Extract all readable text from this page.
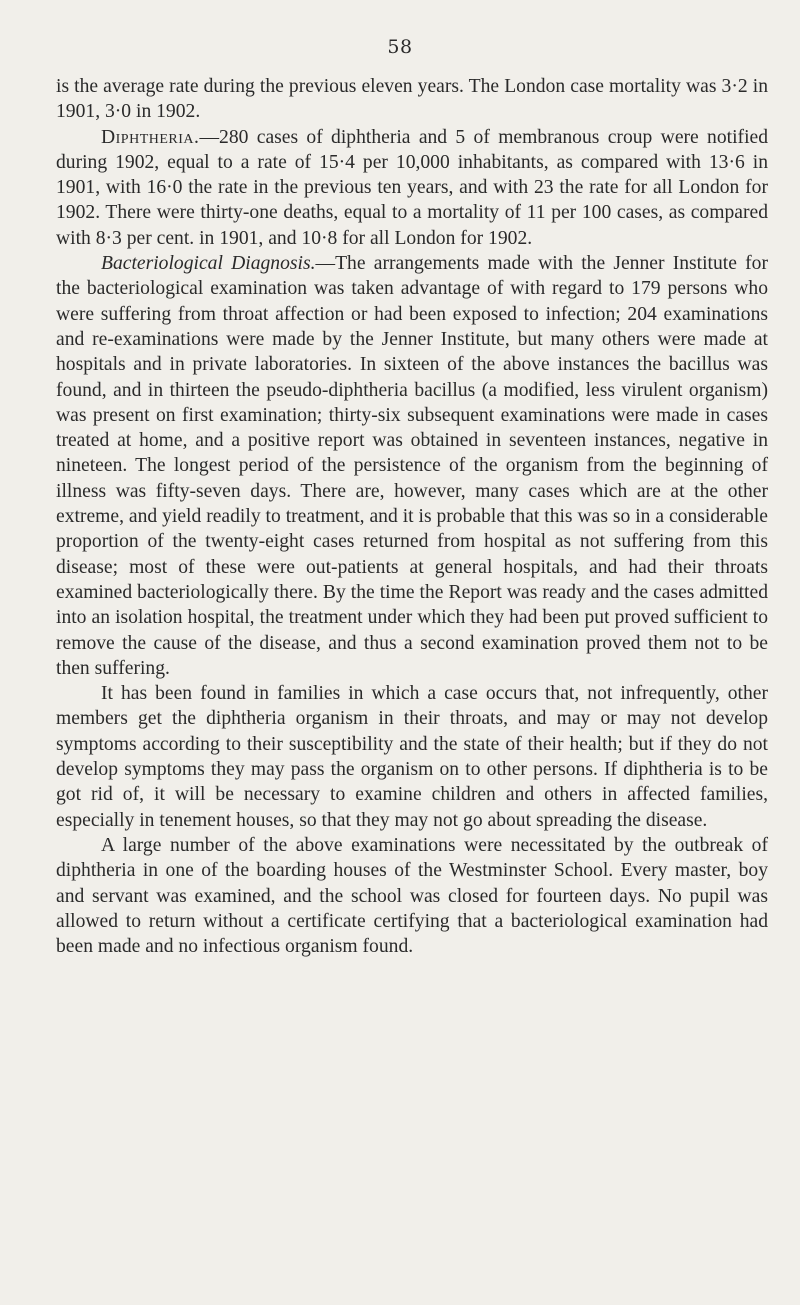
58

is the average rate during the previous eleven years. The London case mortality was 3·2 in 1901, 3·0 in 1902.

Diphtheria.—280 cases of diphtheria and 5 of membranous croup were notified during 1902, equal to a rate of 15·4 per 10,000 inhabitants, as compared with 13·6 in 1901, with 16·0 the rate in the previous ten years, and with 23 the rate for all London for 1902. There were thirty-one deaths, equal to a mortality of 11 per 100 cases, as compared with 8·3 per cent. in 1901, and 10·8 for all London for 1902.

Bacteriological Diagnosis.—The arrangements made with the Jenner Institute for the bacteriological examination was taken advantage of with regard to 179 persons who were suffering from throat affection or had been exposed to infection; 204 examinations and re-examinations were made by the Jenner Institute, but many others were made at hospitals and in private laboratories. In sixteen of the above instances the bacillus was found, and in thirteen the pseudo-diphtheria bacillus (a modified, less virulent organism) was present on first examination; thirty-six subsequent examinations were made in cases treated at home, and a positive report was obtained in seventeen instances, negative in nineteen. The longest period of the persistence of the organism from the beginning of illness was fifty-seven days. There are, however, many cases which are at the other extreme, and yield readily to treatment, and it is probable that this was so in a considerable proportion of the twenty-eight cases returned from hospital as not suffering from this disease; most of these were out-patients at general hospitals, and had their throats examined bacteriologically there. By the time the Report was ready and the cases admitted into an isolation hospital, the treatment under which they had been put proved sufficient to remove the cause of the disease, and thus a second examination proved them not to be then suffering.

It has been found in families in which a case occurs that, not infrequently, other members get the diphtheria organism in their throats, and may or may not develop symptoms according to their susceptibility and the state of their health; but if they do not develop symptoms they may pass the organism on to other persons. If diphtheria is to be got rid of, it will be necessary to examine children and others in affected families, especially in tenement houses, so that they may not go about spreading the disease.

A large number of the above examinations were necessitated by the outbreak of diphtheria in one of the boarding houses of the Westminster School. Every master, boy and servant was examined, and the school was closed for fourteen days. No pupil was allowed to return without a certificate certifying that a bacteriological examination had been made and no infectious organism found.
